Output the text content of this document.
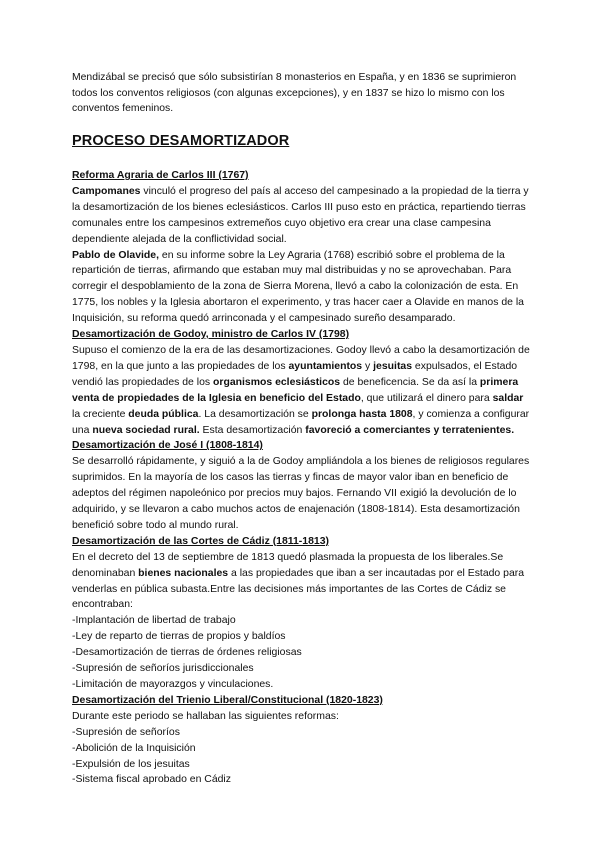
Mendizábal se precisó que sólo subsistirían 8 monasterios en España, y en 1836 se suprimieron todos los conventos religiosos (con algunas excepciones), y en 1837 se hizo lo mismo con los conventos femeninos.
PROCESO DESAMORTIZADOR
Reforma Agraria de Carlos III (1767)
Campomanes vinculó el progreso del país al acceso del campesinado a la propiedad de la tierra y la desamortización de los bienes eclesiásticos. Carlos III puso esto en práctica, repartiendo tierras comunales entre los campesinos extremeños cuyo objetivo era crear una clase campesina dependiente alejada de la conflictividad social.
Pablo de Olavide, en su informe sobre la Ley Agraria (1768) escribió sobre el problema de la repartición de tierras, afirmando que estaban muy mal distribuidas y no se aprovechaban. Para corregir el despoblamiento de la zona de Sierra Morena, llevó a cabo la colonización de esta. En 1775, los nobles y la Iglesia abortaron el experimento, y tras hacer caer a Olavide en manos de la Inquisición, su reforma quedó arrinconada y el campesinado sureño desamparado.
Desamortización de Godoy, ministro de Carlos IV (1798)
Supuso el comienzo de la era de las desamortizaciones. Godoy llevó a cabo la desamortización de 1798, en la que junto a las propiedades de los ayuntamientos y jesuitas expulsados, el Estado vendió las propiedades de los organismos eclesiásticos de beneficencia. Se da así la primera venta de propiedades de la Iglesia en beneficio del Estado, que utilizará el dinero para saldar la creciente deuda pública. La desamortización se prolonga hasta 1808, y comienza a configurar una nueva sociedad rural. Esta desamortización favoreció a comerciantes y terratenientes.
Desamortización de José I (1808-1814)
Se desarrolló rápidamente, y siguió a la de Godoy ampliándola a los bienes de religiosos regulares suprimidos. En la mayoría de los casos las tierras y fincas de mayor valor iban en beneficio de adeptos del régimen napoleónico por precios muy bajos. Fernando VII exigió la devolución de lo adquirido, y se llevaron a cabo muchos actos de enajenación (1808-1814). Esta desamortización benefició sobre todo al mundo rural.
Desamortización de las Cortes de Cádiz (1811-1813)
En el decreto del 13 de septiembre de 1813 quedó plasmada la propuesta de los liberales.Se denominaban bienes nacionales a las propiedades que iban a ser incautadas por el Estado para venderlas en pública subasta.Entre las decisiones más importantes de las Cortes de Cádiz se encontraban:
-Implantación de libertad de trabajo
-Ley de reparto de tierras de propios y baldíos
-Desamortización de tierras de órdenes religiosas
-Supresión de señoríos jurisdiccionales
-Limitación de mayorazgos y vinculaciones.
Desamortización del Trienio Liberal/Constitucional (1820-1823)
Durante este periodo se hallaban las siguientes reformas:
-Supresión de señoríos
-Abolición de la Inquisición
-Expulsión de los jesuitas
-Sistema fiscal aprobado en Cádiz
